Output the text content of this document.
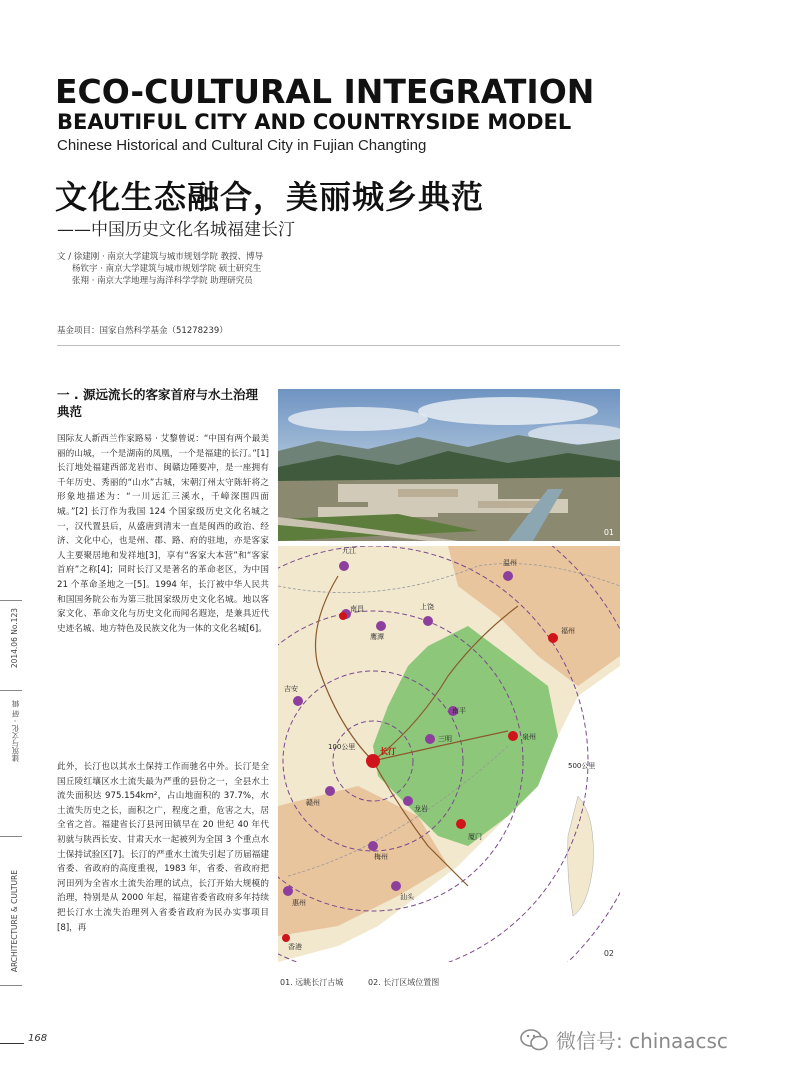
ECO-CULTURAL INTEGRATION
BEAUTIFUL CITY AND COUNTRYSIDE MODEL
Chinese Historical and Cultural City in Fujian Changting
文化生态融合，美丽城乡典范
——中国历史文化名城福建长汀
文 / 徐建刚 · 南京大学建筑与城市规划学院 教授、博导
杨钦宇 · 南京大学建筑与城市规划学院 硕士研究生
张翔 · 南京大学地理与海洋科学学院 助理研究员
基金项目：国家自然科学基金（51278239）
一 . 源远流长的客家首府与水土治理典范

国际友人新西兰作家路易 · 艾黎曾说：“中国有两个最美丽的山城，一个是湖南的凤凰，一个是福建的长汀。”[1] 长汀地处福建西部龙岩市、闽赣边陲要冲，是一座拥有千年历史、秀丽的“山水”古城，宋朝汀州太守陈轩将之形象地描述为：“一川远汇三溪水，千嶂深围四面城。”[2] 长汀作为我国 124 个国家级历史文化名城之一，汉代置县后，从盛唐到清末一直是闽西的政治、经济、文化中心，也是州、郡、路、府的驻地，亦是客家人主要聚居地和发祥地[3]，享有“客家大本营”和“客家首府”之称[4]；同时长汀又是著名的革命老区，为中国 21 个革命圣地之一[5]。1994 年，长汀被中华人民共和国国务院公布为第三批国家级历史文化名城。地以客家文化、革命文化与历史文化而闻名遐迩，是兼具近代史迹名城、地方特色及民族文化为一体的文化名城[6]。

此外，长汀也以其水土保持工作而驰名中外。长汀是全国丘陵红壤区水土流失最为严重的县份之一，全县水土流失面积达 975.154km²，占山地面积的 37.7%，水土流失历史之长，面积之广，程度之重，危害之大，居全省之首。福建省长汀县河田镇早在 20 世纪 40 年代初就与陕西长安、甘肃天水一起被列为全国 3 个重点水土保持试验区[7]。长汀的严重水土流失引起了历届福建省委、省政府的高度重视，1983 年，省委、省政府把河田列为全省水土流失治理的试点，长汀开始大规模的治理，特别是从 2000 年起，福建省委省政府多年持续把长汀水土流失治理列入省委省政府为民办实事项目[8]，再

01
九江
南昌
鹰潭
上饶
温州
吉安
南平
三明
长汀
赣州
龙岩
梅州
汕头
惠州
香港
福州
泉州
厦门
100公里
500公里
02
01. 远眺长汀古城	02. 长汀区域位置图
2014.06 No.123
建筑与文化 · 研 辑
ARCHITECTURE & CULTURE
168	微信号: chinaacsc
